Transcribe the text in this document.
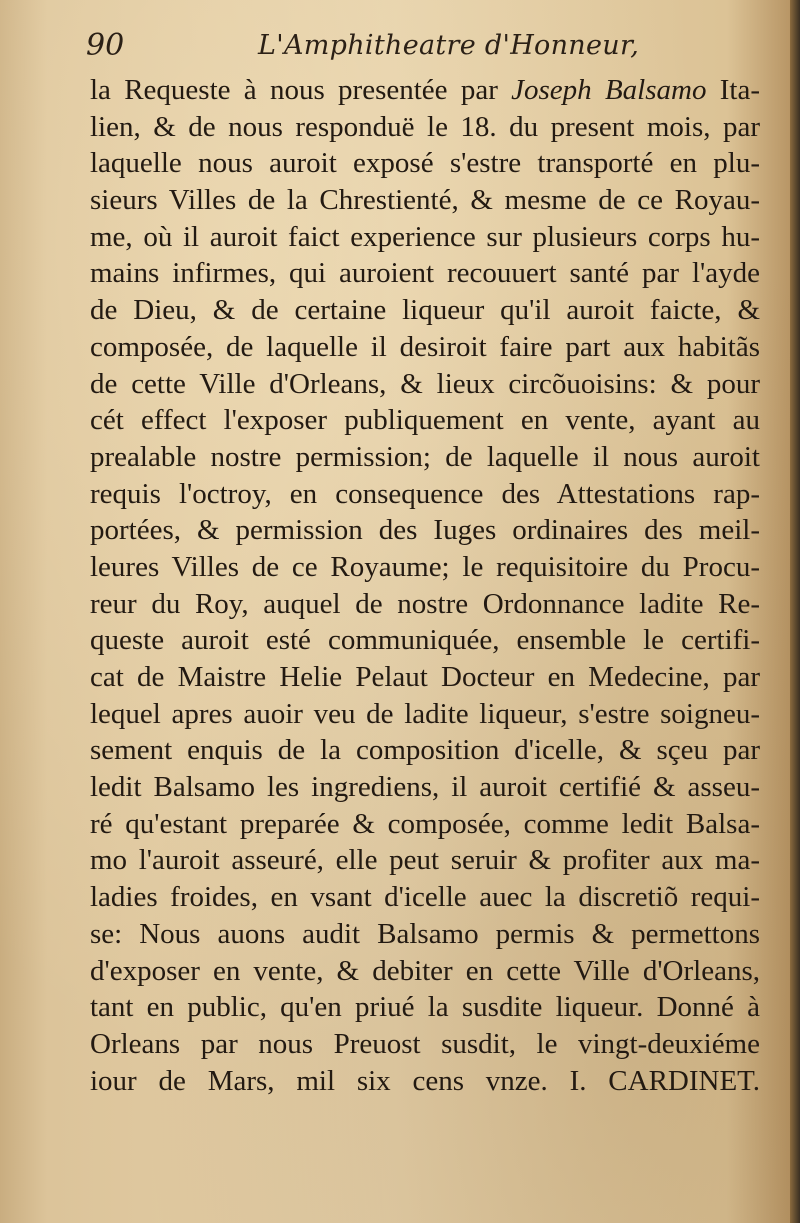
90	L'Amphitheatre d'Honneur,
la Requeste à nous presentée par Joseph Balsamo Ita-
lien, & de nous responduë le 18. du present mois, par
laquelle nous auroit exposé s'estre transporté en plu-
sieurs Villes de la Chrestienté, & mesme de ce Royau-
me, où il auroit faict experience sur plusieurs corps hu-
mains infirmes, qui auroient recouuert santé par l'ayde
de Dieu, & de certaine liqueur qu'il auroit faicte, &
composée, de laquelle il desiroit faire part aux habitãs
de cette Ville d'Orleans, & lieux circõuoisins: & pour
cét effect l'exposer publiquement en vente, ayant au
prealable nostre permission; de laquelle il nous auroit
requis l'octroy, en consequence des Attestations rap-
portées, & permission des Iuges ordinaires des meil-
leures Villes de ce Royaume; le requisitoire du Procu-
reur du Roy, auquel de nostre Ordonnance ladite Re-
queste auroit esté communiquée, ensemble le certifi-
cat de Maistre Helie Pelaut Docteur en Medecine, par
lequel apres auoir veu de ladite liqueur, s'estre soigneu-
sement enquis de la composition d'icelle, & sçeu par
ledit Balsamo les ingrediens, il auroit certifié & asseu-
ré qu'estant preparée & composée, comme ledit Balsa-
mo l'auroit asseuré, elle peut seruir & profiter aux ma-
ladies froides, en vsant d'icelle auec la discretiõ requi-
se: Nous auons audit Balsamo permis & permettons
d'exposer en vente, & debiter en cette Ville d'Orleans,
tant en public, qu'en priué la susdite liqueur. Donné à
Orleans par nous Preuost susdit, le vingt-deuxiéme
iour de Mars, mil six cens vnze. I. CARDINET.
